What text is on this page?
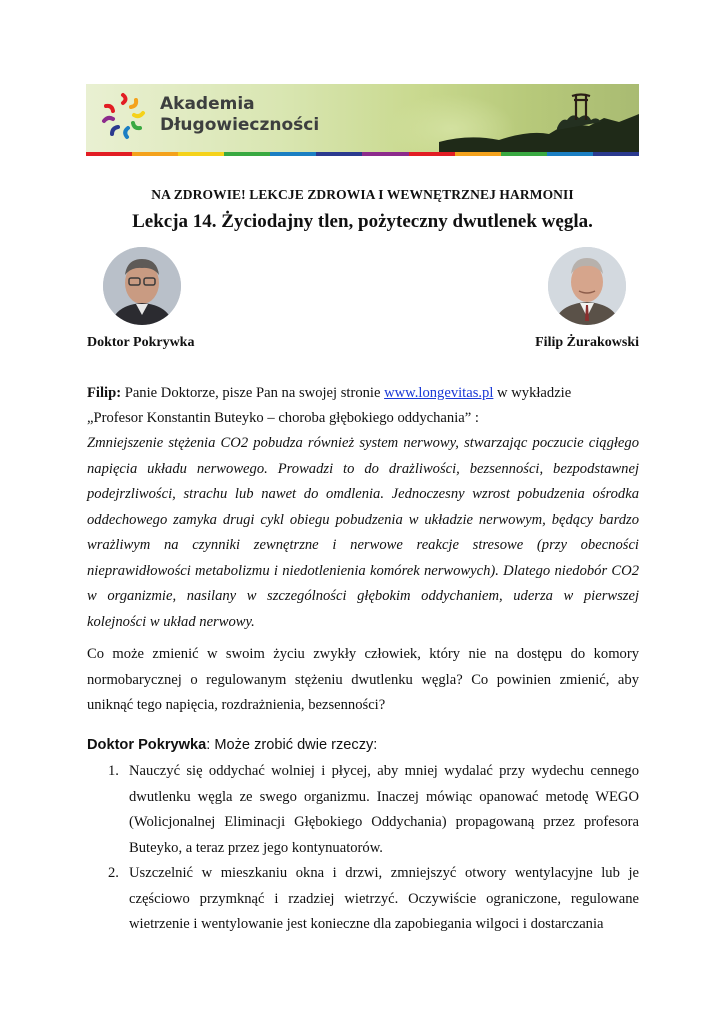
Akademia
Długowieczności
NA ZDROWIE! LEKCJE ZDROWIA I WEWNĘTRZNEJ HARMONII
Lekcja 14. Życiodajny tlen, pożyteczny dwutlenek węgla.
Doktor Pokrywka	Filip Żurakowski
Filip: Panie Doktorze, pisze Pan na swojej stronie www.longevitas.pl w wykładzie
„Profesor Konstantin Buteyko – choroba głębokiego oddychania” :
Zmniejszenie stężenia CO2 pobudza również system nerwowy, stwarzając poczucie ciągłego napięcia układu nerwowego. Prowadzi to do drażliwości, bezsenności, bezpodstawnej podejrzliwości, strachu lub nawet do omdlenia. Jednoczesny wzrost pobudzenia ośrodka oddechowego zamyka drugi cykl obiegu pobudzenia w układzie nerwowym, będący bardzo wrażliwym na czynniki zewnętrzne i nerwowe reakcje stresowe (przy obecności nieprawidłowości metabolizmu i niedotlenienia komórek nerwowych). Dlatego niedobór CO2 w organizmie, nasilany w szczególności głębokim oddychaniem, uderza w pierwszej kolejności w układ nerwowy.
Co może zmienić w swoim życiu zwykły człowiek, który nie na dostępu do komory normobarycznej o regulowanym stężeniu dwutlenku węgla? Co powinien zmienić, aby uniknąć tego napięcia, rozdrażnienia, bezsenności?
Doktor Pokrywka: Może zrobić dwie rzeczy:
1. Nauczyć się oddychać wolniej i płycej, aby mniej wydalać przy wydechu cennego dwutlenku węgla ze swego organizmu. Inaczej mówiąc opanować metodę WEGO (Wolicjonalnej Eliminacji Głębokiego Oddychania) propagowaną przez profesora Buteyko, a teraz przez jego kontynuatorów.
2. Uszczelnić w mieszkaniu okna i drzwi, zmniejszyć otwory wentylacyjne lub je częściowo przymknąć i rzadziej wietrzyć. Oczywiście ograniczone, regulowane wietrzenie i wentylowanie jest konieczne dla zapobiegania wilgoci i dostarczania
